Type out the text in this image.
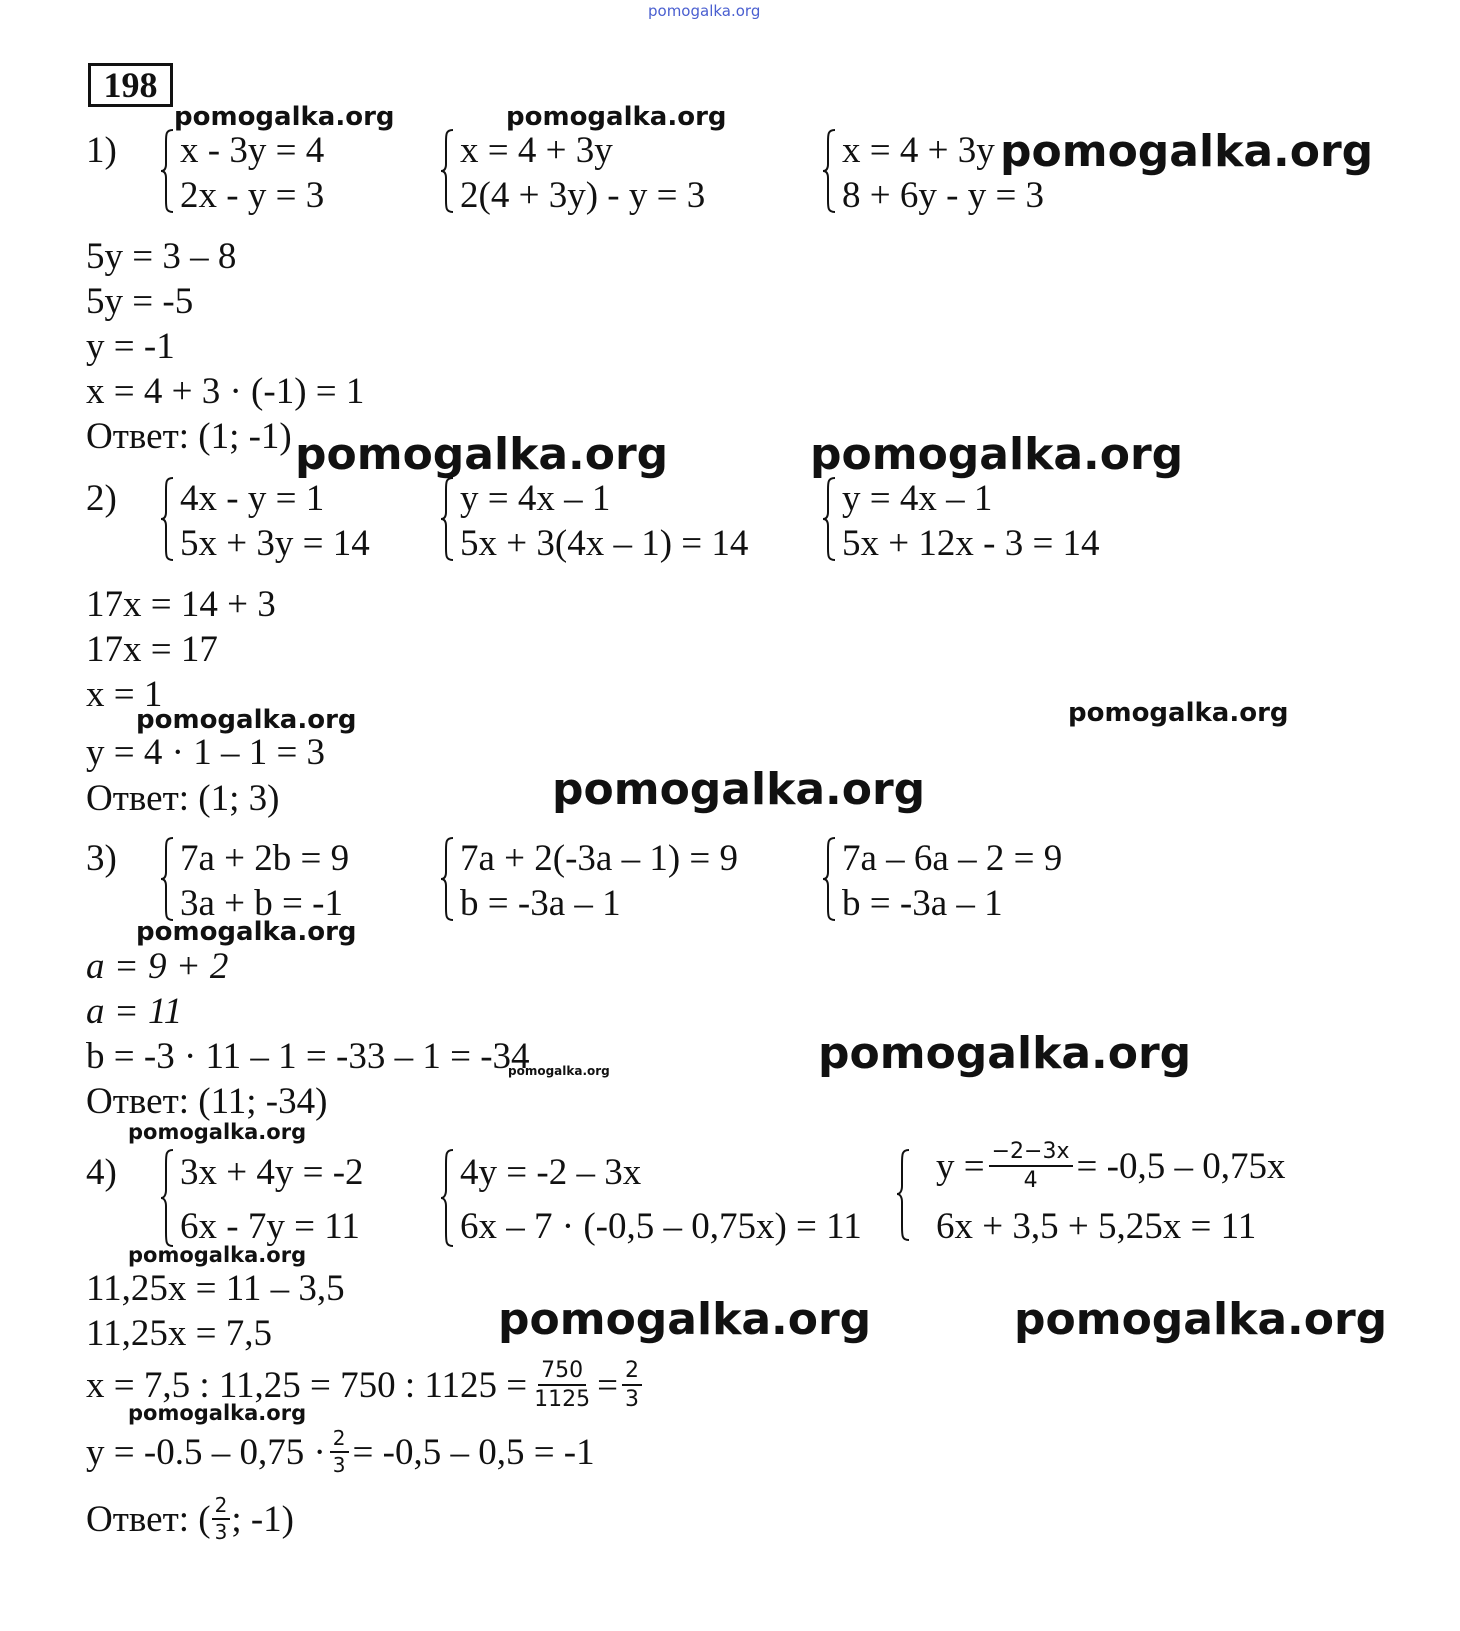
pomogalka.org
198
pomogalka.org	pomogalka.org
pomogalka.org
1) x - 3y = 4
2x - y = 3
x = 4 + 3y
2(4 + 3y) - y = 3
x = 4 + 3y
8 + 6y - y = 3
5y = 3 – 8
5y = -5
y = -1
x = 4 + 3 · (-1) = 1
Ответ: (1; -1) pomogalka.org	pomogalka.org
2) 4x - y = 1
5x + 3y = 14
y = 4x – 1
5x + 3(4x – 1) = 14
y = 4x – 1
5x + 12x - 3 = 14
17x = 14 + 3
17x = 17
x = 1
pomogalka.org	pomogalka.org
y = 4 · 1 – 1 = 3
Ответ: (1; 3)	pomogalka.org
3) 7a + 2b = 9
3a + b = -1
7a + 2(-3a – 1) = 9
b = -3a – 1
7a – 6a – 2 = 9
b = -3a – 1
pomogalka.org
a = 9 + 2
a = 11
b = -3 · 11 – 1 = -33 – 1 = -34
pomogalka.org	pomogalka.org
Ответ: (11; -34)
pomogalka.org
4) 3x + 4y = -2
6x - 7y = 11
4y = -2 – 3x
6x – 7 · (-0,5 – 0,75x) = 11
$y = \frac{-2-3x}{4} = -0,5 - 0,75x$
6x + 3,5 + 5,25x = 11
pomogalka.org
11,25x = 11 – 3,5
11,25x = 7,5	pomogalka.org	pomogalka.org
x = 7,5 : 11,25 = 750 : $1125 = \frac{750}{1125} = \frac{2}{3}$
pomogalka.org
$y = -0.5 - 0,75 \cdot \frac{2}{3} = -0,5 - 0,5 = -1$
Ответ: ( $\frac{2}{3}$ ; -1)
